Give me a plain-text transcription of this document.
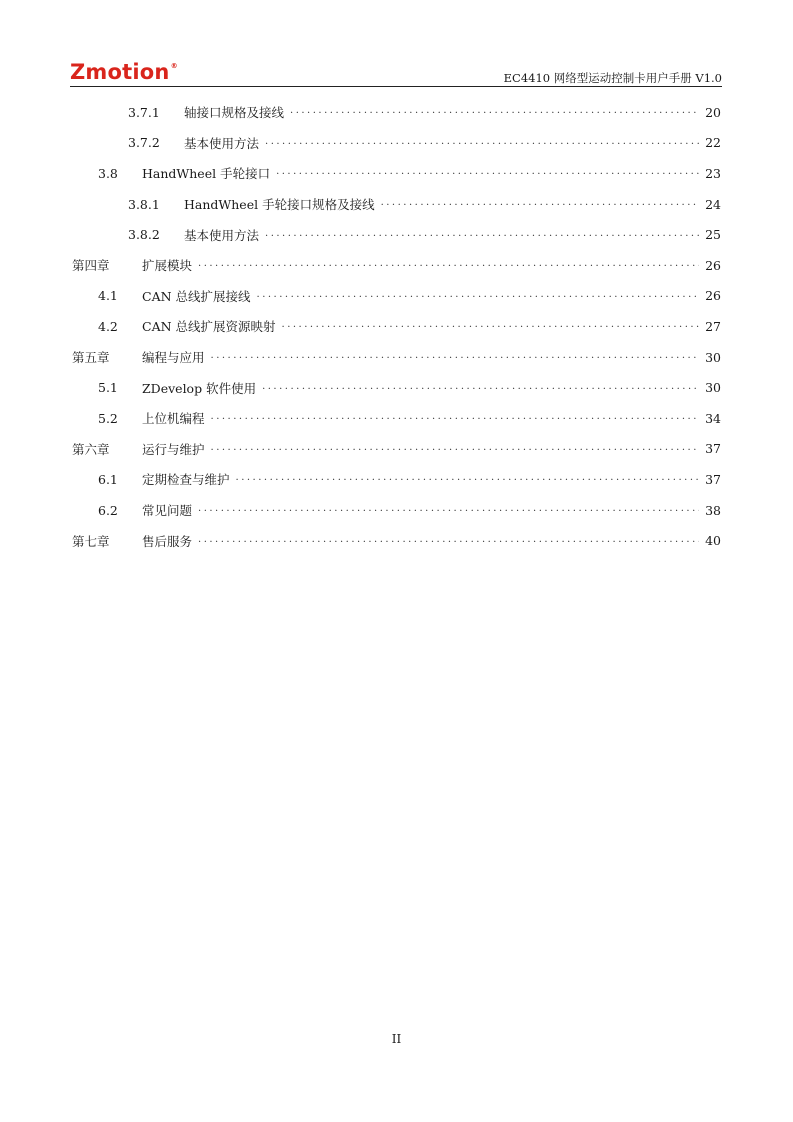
Zmotion®
EC4410 网络型运动控制卡用户手册 V1.0
3.7.1	轴接口规格及接线 .....	20
3.7.2	基本使用方法 .....	22
3.8	HandWheel 手轮接口 .....	23
3.8.1	HandWheel 手轮接口规格及接线 .....	24
3.8.2	基本使用方法 .....	25
第四章	扩展模块 .....	26
4.1	CAN 总线扩展接线 .....	26
4.2	CAN 总线扩展资源映射 .....	27
第五章	编程与应用 .....	30
5.1	ZDevelop 软件使用 .....	30
5.2	上位机编程 .....	34
第六章	运行与维护 .....	37
6.1	定期检查与维护 .....	37
6.2	常见问题 .....	38
第七章	售后服务 .....	40
II
